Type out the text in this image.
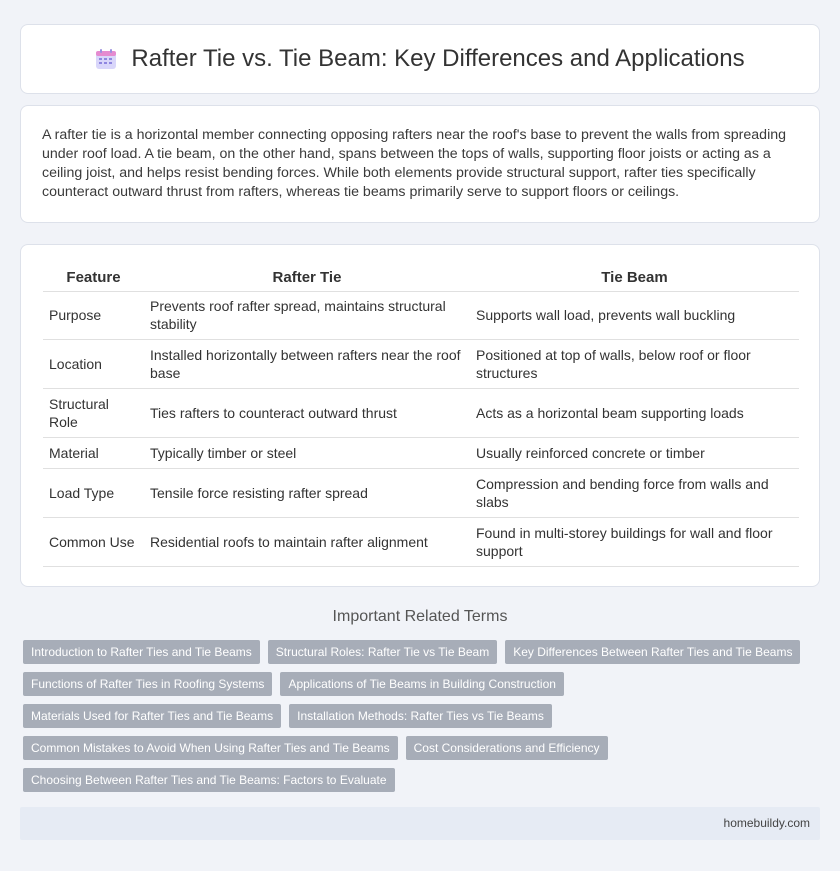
Rafter Tie vs. Tie Beam: Key Differences and Applications

A rafter tie is a horizontal member connecting opposing rafters near the roof's base to prevent the walls from spreading under roof load. A tie beam, on the other hand, spans between the tops of walls, supporting floor joists or acting as a ceiling joist, and helps resist bending forces. While both elements provide structural support, rafter ties specifically counteract outward thrust from rafters, whereas tie beams primarily serve to support floors or ceilings.

Feature	Rafter Tie	Tie Beam
Purpose	Prevents roof rafter spread, maintains structural stability	Supports wall load, prevents wall buckling
Location	Installed horizontally between rafters near the roof base	Positioned at top of walls, below roof or floor structures
Structural Role	Ties rafters to counteract outward thrust	Acts as a horizontal beam supporting loads
Material	Typically timber or steel	Usually reinforced concrete or timber
Load Type	Tensile force resisting rafter spread	Compression and bending force from walls and slabs
Common Use	Residential roofs to maintain rafter alignment	Found in multi-storey buildings for wall and floor support
Important Related Terms
Introduction to Rafter Ties and Tie Beams	Structural Roles: Rafter Tie vs Tie Beam	Key Differences Between Rafter Ties and Tie Beams
Functions of Rafter Ties in Roofing Systems	Applications of Tie Beams in Building Construction
Materials Used for Rafter Ties and Tie Beams	Installation Methods: Rafter Ties vs Tie Beams
Common Mistakes to Avoid When Using Rafter Ties and Tie Beams	Cost Considerations and Efficiency
Choosing Between Rafter Ties and Tie Beams: Factors to Evaluate
homebuildy.com
